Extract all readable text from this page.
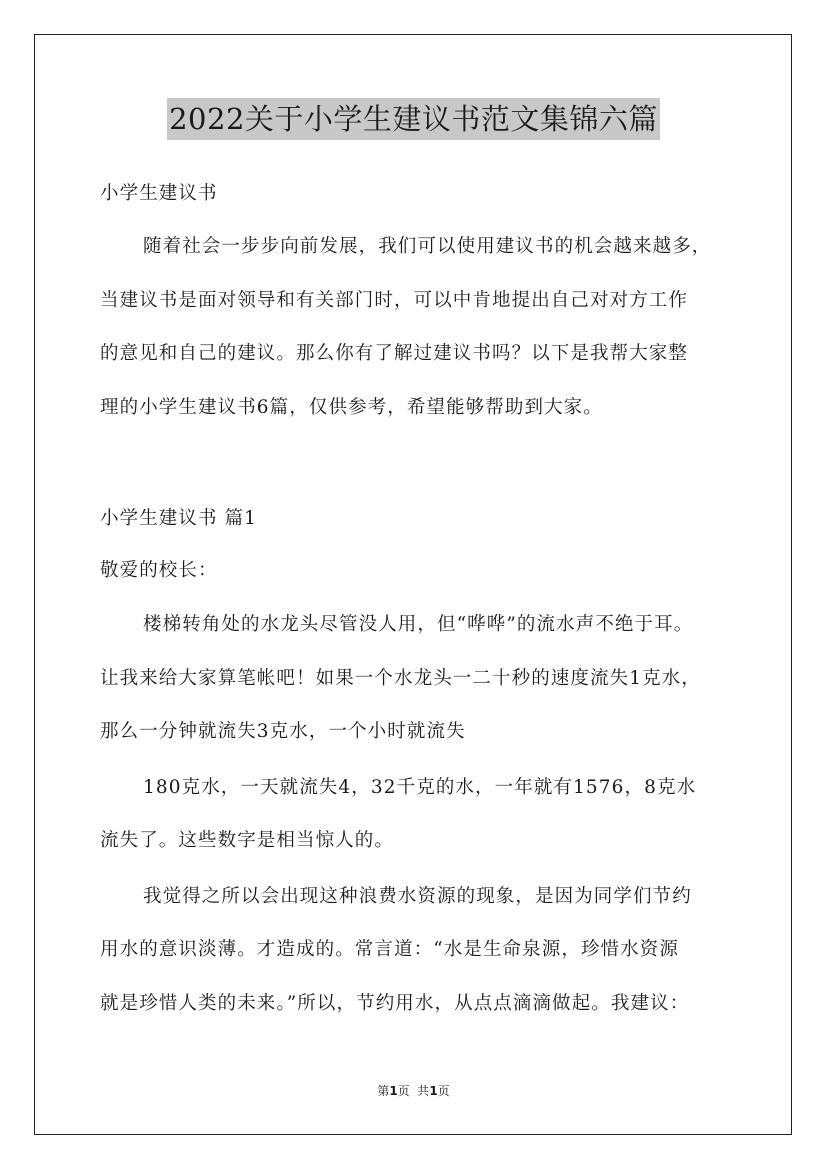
2022关于小学生建议书范文集锦六篇
小学生建议书
随着社会一步步向前发展，我们可以使用建议书的机会越来越多，
当建议书是面对领导和有关部门时，可以中肯地提出自己对对方工作
的意见和自己的建议。那么你有了解过建议书吗？以下是我帮大家整
理的小学生建议书6篇，仅供参考，希望能够帮助到大家。
小学生建议书 篇1
敬爱的校长：
楼梯转角处的水龙头尽管没人用，但“哗哗”的流水声不绝于耳。
让我来给大家算笔帐吧！如果一个水龙头一二十秒的速度流失1克水，
那么一分钟就流失3克水，一个小时就流失
180克水，一天就流失4，32千克的水，一年就有1576，8克水
流失了。这些数字是相当惊人的。
我觉得之所以会出现这种浪费水资源的现象，是因为同学们节约
用水的意识淡薄。才造成的。常言道：“水是生命泉源，珍惜水资源
就是珍惜人类的未来。”所以，节约用水，从点点滴滴做起。我建议：
第1页  共1页
